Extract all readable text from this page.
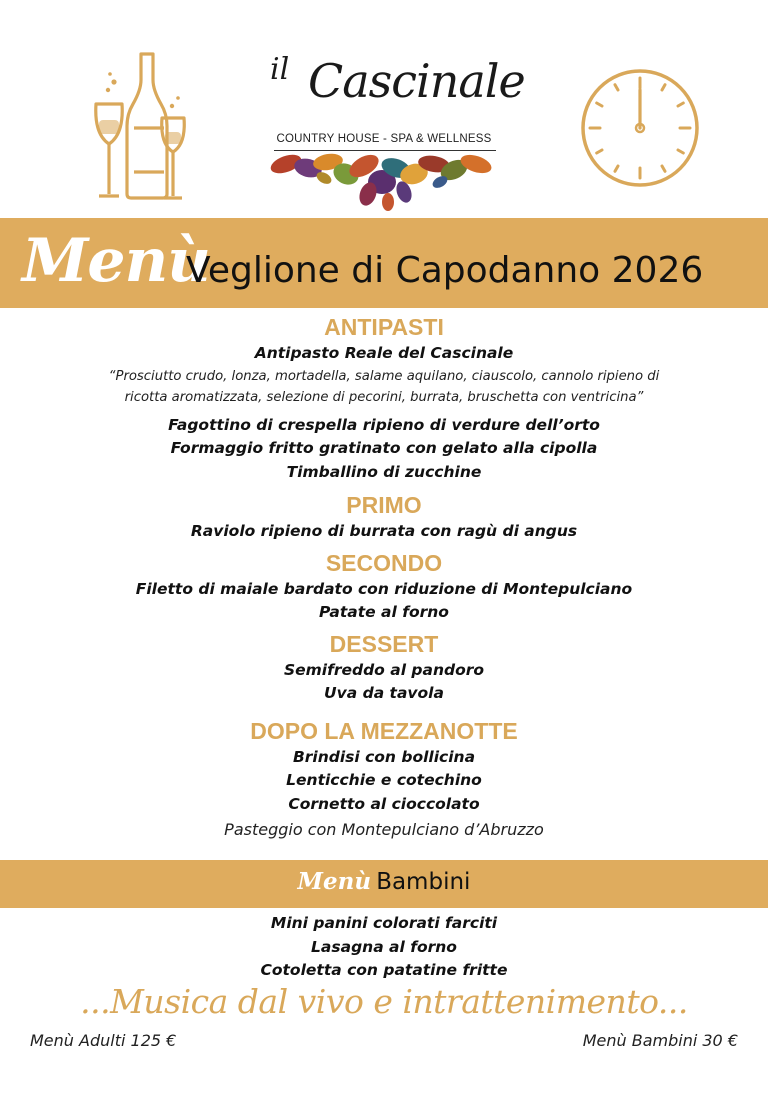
il Cascinale
COUNTRY HOUSE - SPA & WELLNESS
Menù
Veglione di Capodanno 2026
ANTIPASTI
Antipasto Reale del Cascinale
“Prosciutto crudo, lonza, mortadella, salame aquilano, ciauscolo, cannolo ripieno di
ricotta aromatizzata, selezione di pecorini, burrata, bruschetta con ventricina”
Fagottino di crespella ripieno di verdure dell’orto
Formaggio fritto gratinato con gelato alla cipolla
Timballino di zucchine
PRIMO
Raviolo ripieno di burrata con ragù di angus
SECONDO
Filetto di maiale bardato con riduzione di Montepulciano
Patate al forno
DESSERT
Semifreddo al pandoro
Uva da tavola
DOPO LA MEZZANOTTE
Brindisi con bollicina
Lenticchie e cotechino
Cornetto al cioccolato
Pasteggio con Montepulciano d’Abruzzo
Menù Bambini
Mini panini colorati farciti
Lasagna al forno
Cotoletta con patatine fritte
...Musica dal vivo e intrattenimento...
Menù Adulti 125 €	Menù Bambini 30 €
